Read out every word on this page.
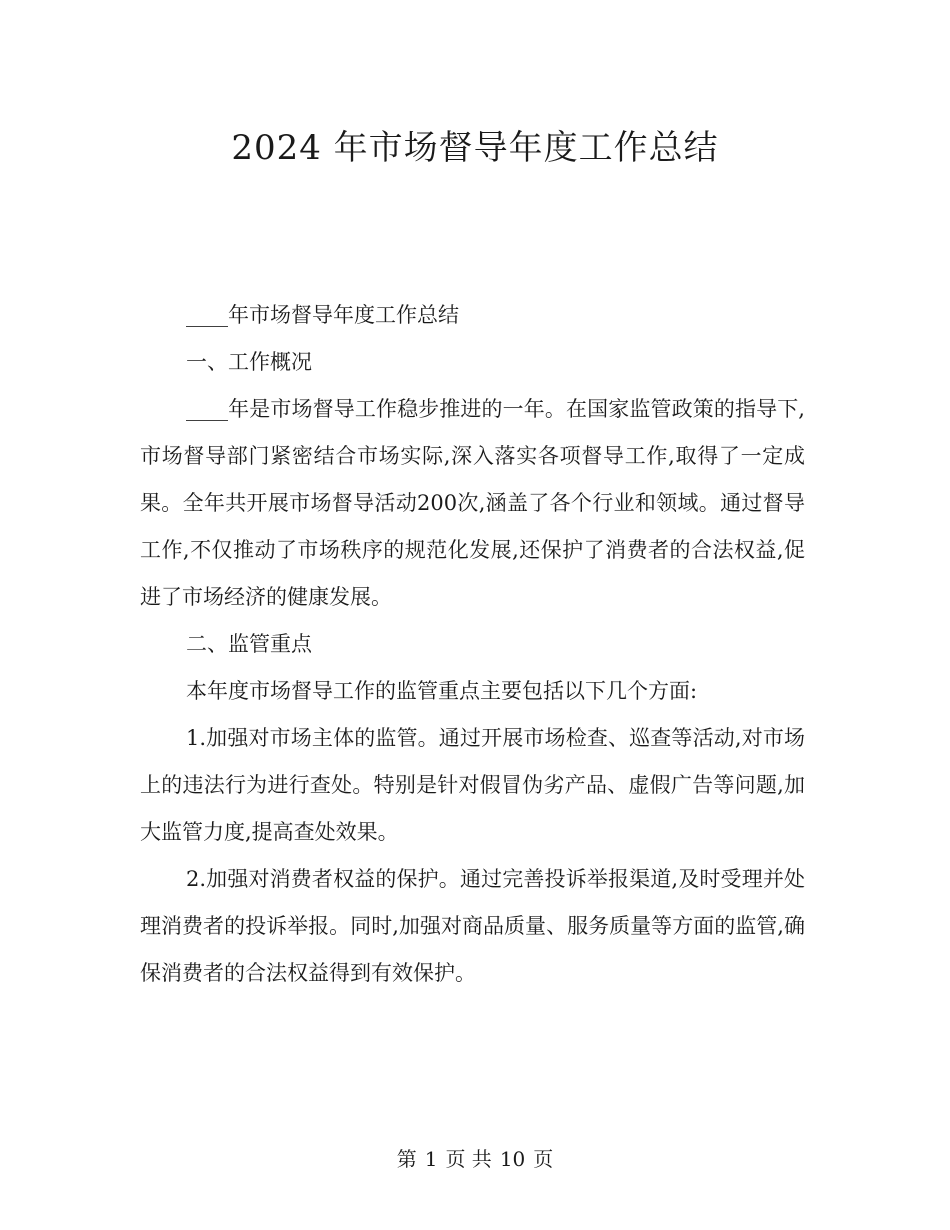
2024 年市场督导年度工作总结

____年市场督导年度工作总结

一、工作概况

____年是市场督导工作稳步推进的一年。在国家监管政策的指导下,市场督导部门紧密结合市场实际,深入落实各项督导工作,取得了一定成果。全年共开展市场督导活动200次,涵盖了各个行业和领域。通过督导工作,不仅推动了市场秩序的规范化发展,还保护了消费者的合法权益,促进了市场经济的健康发展。

二、监管重点

本年度市场督导工作的监管重点主要包括以下几个方面:

1.加强对市场主体的监管。通过开展市场检查、巡查等活动,对市场上的违法行为进行查处。特别是针对假冒伪劣产品、虚假广告等问题,加大监管力度,提高查处效果。

2.加强对消费者权益的保护。通过完善投诉举报渠道,及时受理并处理消费者的投诉举报。同时,加强对商品质量、服务质量等方面的监管,确保消费者的合法权益得到有效保护。

第 1 页 共 10 页
